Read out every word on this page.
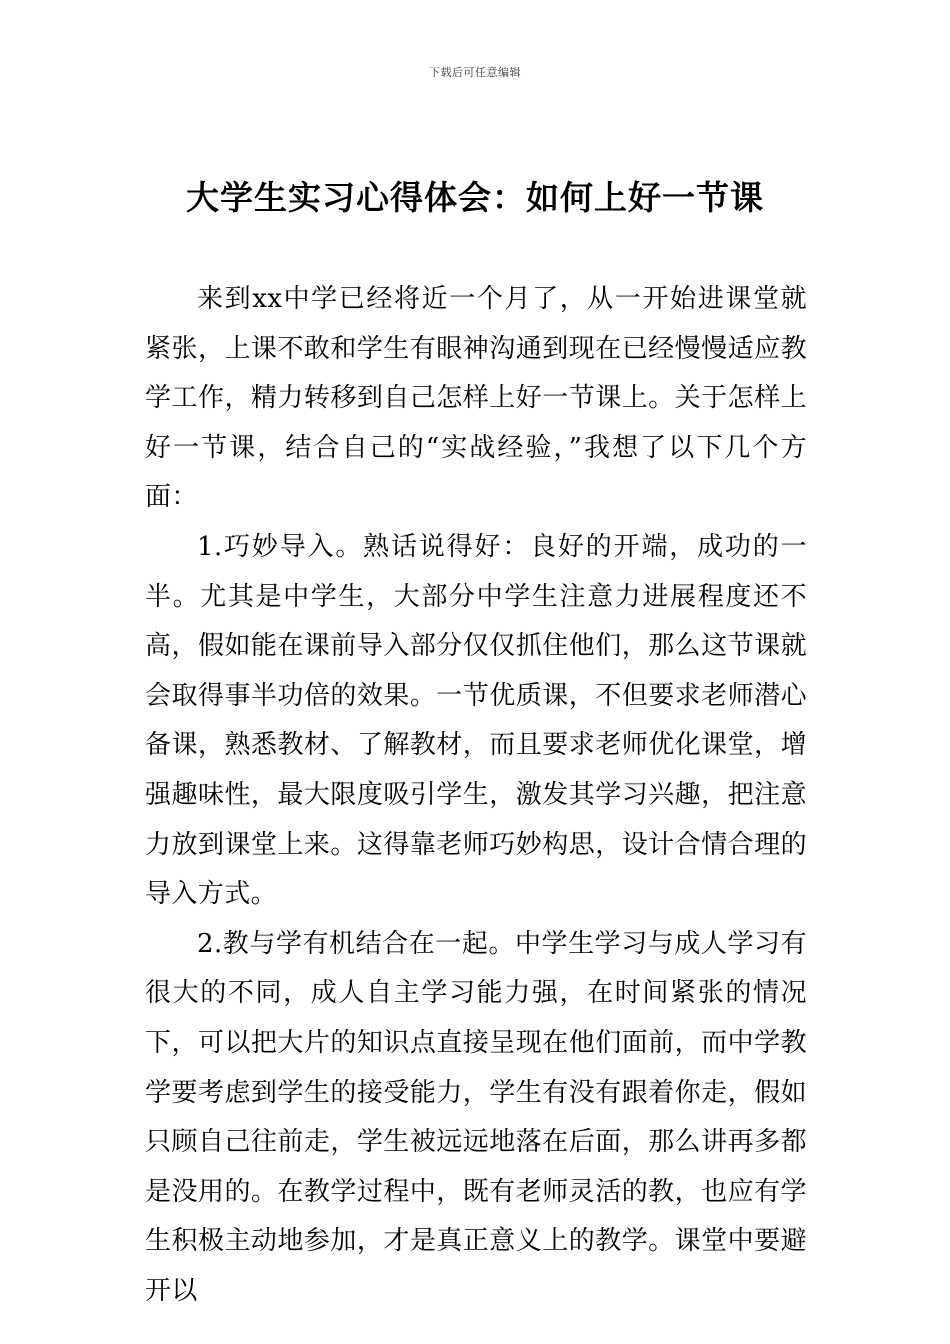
下载后可任意编辑
大学生实习心得体会：如何上好一节课

来到xx中学已经将近一个月了，从一开始进课堂就紧张，上课不敢和学生有眼神沟通到现在已经慢慢适应教学工作，精力转移到自己怎样上好一节课上。关于怎样上好一节课，结合自己的“实战经验，”我想了以下几个方面：

1.巧妙导入。熟话说得好：良好的开端，成功的一半。尤其是中学生，大部分中学生注意力进展程度还不高，假如能在课前导入部分仅仅抓住他们，那么这节课就会取得事半功倍的效果。一节优质课，不但要求老师潜心备课，熟悉教材、了解教材，而且要求老师优化课堂，增强趣味性，最大限度吸引学生，激发其学习兴趣，把注意力放到课堂上来。这得靠老师巧妙构思，设计合情合理的导入方式。

2.教与学有机结合在一起。中学生学习与成人学习有很大的不同，成人自主学习能力强，在时间紧张的情况下，可以把大片的知识点直接呈现在他们面前，而中学教学要考虑到学生的接受能力，学生有没有跟着你走，假如只顾自己往前走，学生被远远地落在后面，那么讲再多都是没用的。在教学过程中，既有老师灵活的教，也应有学生积极主动地参加，才是真正意义上的教学。课堂中要避开以
